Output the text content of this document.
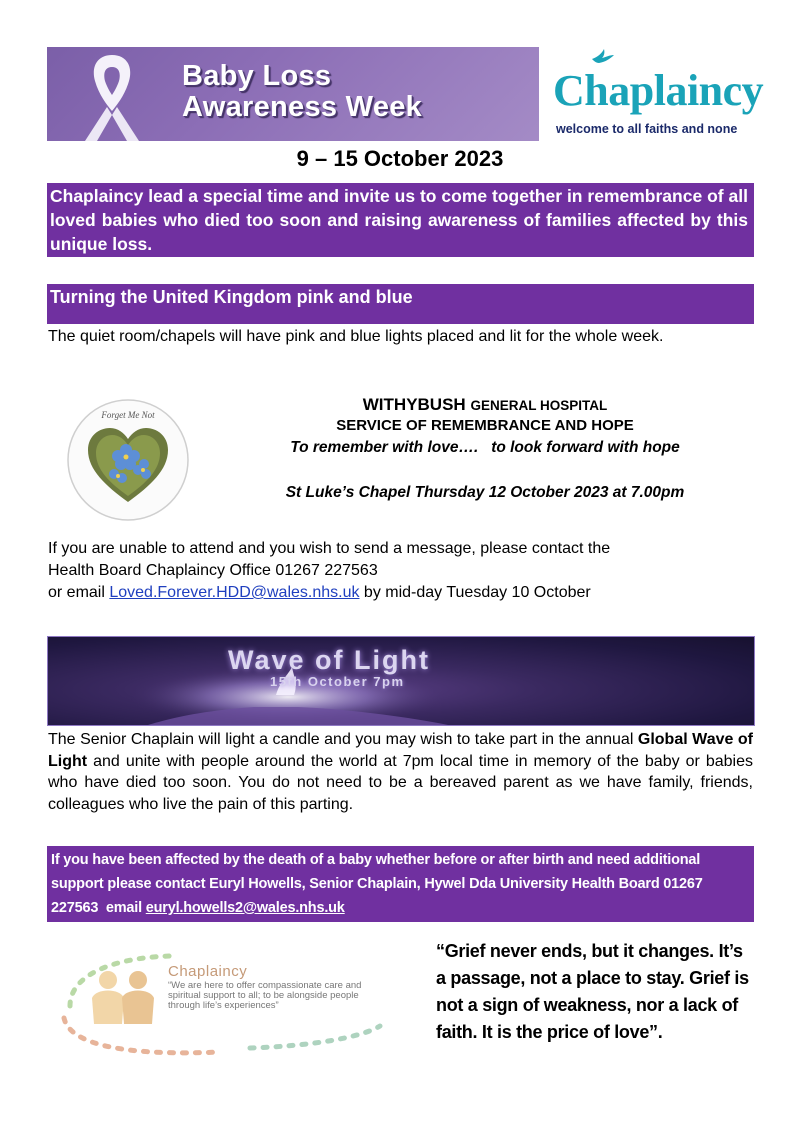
Baby Loss
Awareness Week	Chaplaincy
welcome to all faiths and none
9 – 15 October 2023
Chaplaincy lead a special time and invite us to come together in remembrance of all loved babies who died too soon and raising awareness of families affected by this unique loss.
Turning the United Kingdom pink and blue
The quiet room/chapels will have pink and blue lights placed and lit for the whole week.
Forget Me Not
WITHYBUSH GENERAL HOSPITAL
SERVICE OF REMEMBRANCE AND HOPE
To remember with love….   to look forward with hope
St Luke’s Chapel Thursday 12 October 2023 at 7.00pm
If you are unable to attend and you wish to send a message, please contact the
Health Board Chaplaincy Office 01267 227563
or email Loved.Forever.HDD@wales.nhs.uk by mid-day Tuesday 10 October
Wave of Light
15th October 7pm
The Senior Chaplain will light a candle and you may wish to take part in the annual Global Wave of Light and unite with people around the world at 7pm local time in memory of the baby or babies who have died too soon. You do not need to be a bereaved parent as we have family, friends, colleagues who live the pain of this parting.
If you have been affected by the death of a baby whether before or after birth and need additional support please contact Euryl Howells, Senior Chaplain, Hywel Dda University Health Board 01267 227563  email euryl.howells2@wales.nhs.uk
Chaplaincy
“We are here to offer compassionate care and spiritual support to all; to be alongside people through life’s experiences”
“Grief never ends, but it changes. It’s a passage, not a place to stay. Grief is not a sign of weakness, nor a lack of faith. It is the price of love”.
